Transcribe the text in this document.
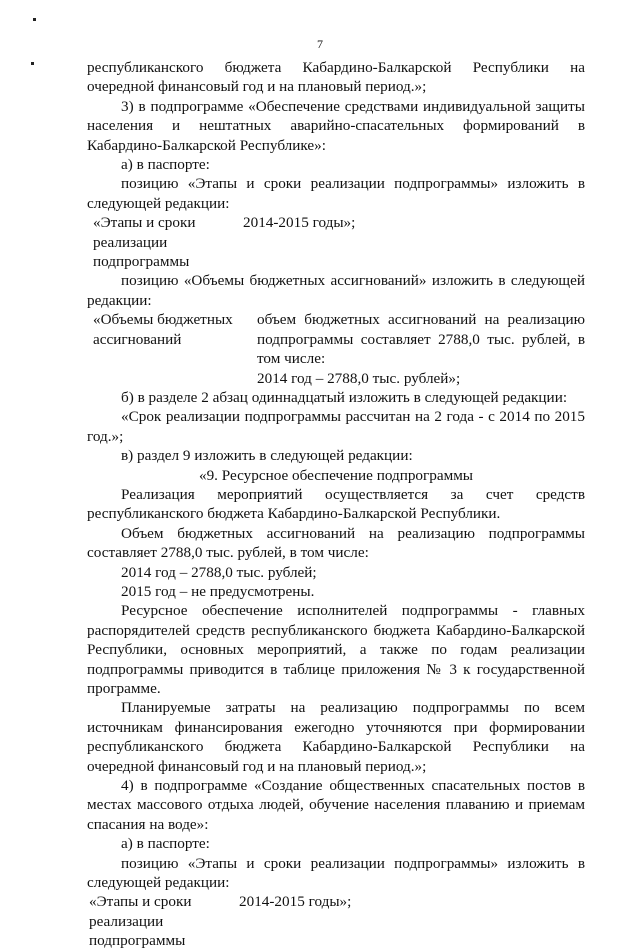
7

республиканского бюджета Кабардино-Балкарской Республики на очередной финансовый год и на плановый период.»;

3) в подпрограмме «Обеспечение средствами индивидуальной защиты населения и нештатных аварийно-спасательных формирований в Кабардино-Балкарской Республике»:

а) в паспорте:

позицию «Этапы и сроки реализации подпрограммы» изложить в следующей редакции:

«Этапы и сроки реализации подпрограммы
2014-2015 годы»;

позицию «Объемы бюджетных ассигнований» изложить в следующей редакции:

«Объемы бюджетных ассигнований

объем бюджетных ассигнований на реализацию подпрограммы составляет 2788,0 тыс. рублей, в том числе:

2014 год – 2788,0 тыс. рублей»;

б) в разделе 2 абзац одиннадцатый изложить в следующей редакции:

«Срок реализации подпрограммы рассчитан на 2 года - с 2014 по 2015 год.»;

в) раздел 9 изложить в следующей редакции:

«9. Ресурсное обеспечение подпрограммы

Реализация мероприятий осуществляется за счет средств республиканского бюджета Кабардино-Балкарской Республики.

Объем бюджетных ассигнований на реализацию подпрограммы составляет 2788,0 тыс. рублей, в том числе:

2014 год – 2788,0 тыс. рублей;

2015 год – не предусмотрены.

Ресурсное обеспечение исполнителей подпрограммы - главных распорядителей средств республиканского бюджета Кабардино-Балкарской Республики, основных мероприятий, а также по годам реализации подпрограммы приводится в таблице приложения № 3 к государственной программе.

Планируемые затраты на реализацию подпрограммы по всем источникам финансирования ежегодно уточняются при формировании республиканского бюджета Кабардино-Балкарской Республики на очередной финансовый год и на плановый период.»;

4) в подпрограмме «Создание общественных спасательных постов в местах массового отдыха людей, обучение населения плаванию и приемам спасания на воде»:

а) в паспорте:

позицию «Этапы и сроки реализации подпрограммы» изложить в следующей редакции:

«Этапы и сроки реализации подпрограммы
2014-2015 годы»;
